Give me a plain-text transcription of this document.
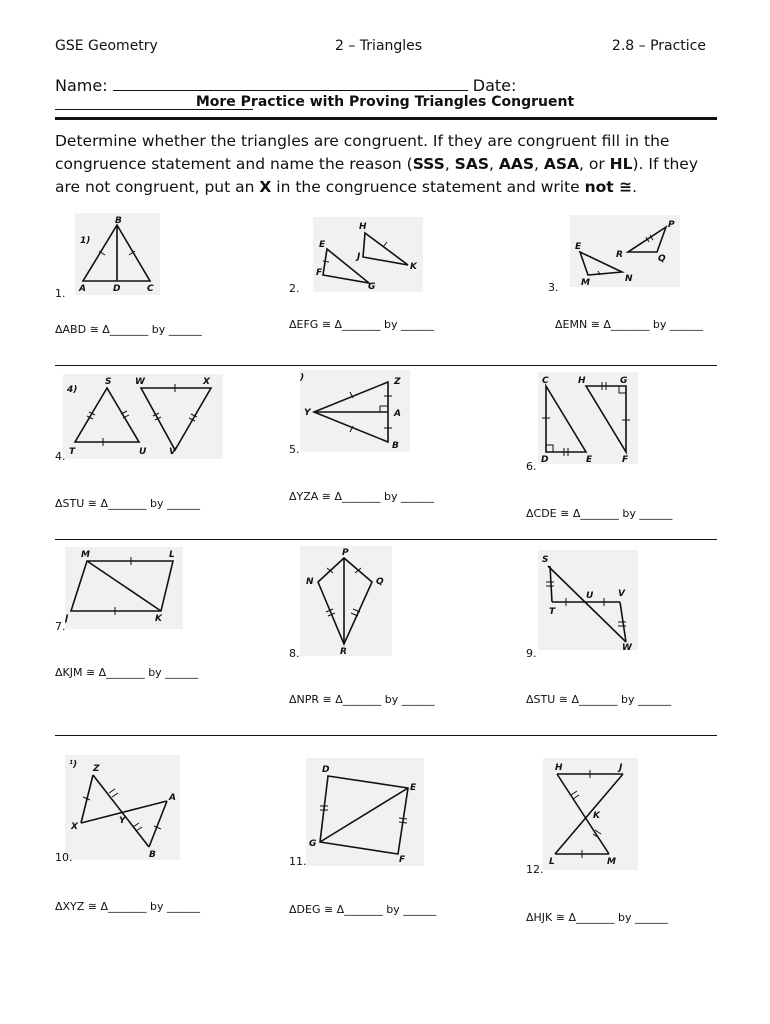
GSE Geometry	2 – Triangles	2.8 – Practice
Name:	Date:
More Practice with Proving Triangles Congruent
Determine whether the triangles are congruent. If they are congruent fill in the congruence statement and name the reason (SSS, SAS, AAS, ASA, or HL). If they are not congruent, put an X in the congruence statement and write not ≅.
1)
B
A	D	C
1.
ΔABD ≅ Δ_______ by ______
H
E
J
K
F
G
2.
ΔEFG ≅ Δ_______ by ______
P
E
R	Q
M	N
3.
ΔEMN ≅ Δ_______ by ______
4)
S	W	X
T	U	V
4.
ΔSTU ≅ Δ_______ by ______
)	Z
Y	A
B
5.
ΔYZA ≅ Δ_______ by ______
C	H	G
D	E	F
6.
ΔCDE ≅ Δ_______ by ______
M	L
J	K
7.
ΔKJM ≅ Δ_______ by ______
P
N	Q
R
8.
ΔNPR ≅ Δ_______ by ______
S
T
U	V
W
9.
ΔSTU ≅ Δ_______ by ______
¹) Z
A
X
Y
B
10.
ΔXYZ ≅ Δ_______ by ______
D
E
G
F
11.
ΔDEG ≅ Δ_______ by ______
H	J
K
L	M
12.
ΔHJK ≅ Δ_______ by ______
